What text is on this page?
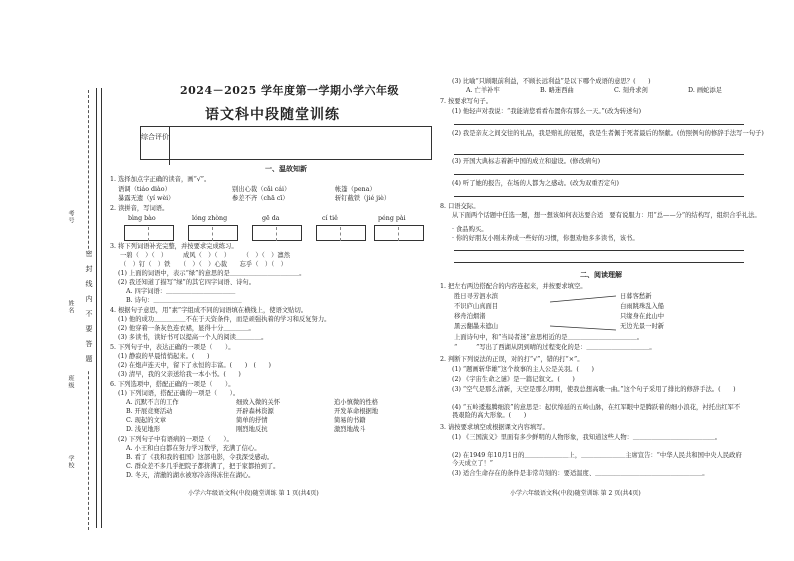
考号
姓名
班级
学校
密封线内不要答题
2024－2025 学年度第一学期小学六年级
语文科中段随堂训练
综合评价
一、温故知新
1. 选择加点字正确的读音，画“√”。
语调（tiáo diào）	别出心裁（cǎi cái）	帐篷（pena）
暴露无遗（yí wèi）	参差不齐（chā cī）	斩钉截铁（jié jiè）
2. 读拼音，写词语。
bìng bào	lóng zhòng	gē da	cí tiě	péng pài
3. 将下列词语补充完整，并按要求完成练习。
一碧（　）（　）　　　成风（　）（　）　　　（　）（　）凛然
（　）钉（　）铁　　（　）（　）心裁　　忘乎（　）（　）
(1) 上面的词语中，表示“绿”的意思的是＿＿＿＿＿＿＿＿＿＿＿。
(2) 我还知道了描写“绿”的其它四字词语、诗句。
A. 四字词语：＿＿＿＿＿＿＿＿＿＿＿
B. 诗句：＿＿＿＿＿＿＿＿＿＿＿＿＿＿
4. 根据句子意思，用“素”字组成不同的词语填在横线上，使语文贴切。
(1) 他的成功＿＿＿＿＿不在于天资条件，而是顽强执着的学习和反复努力。
(2) 他穿着一条灰色连衣裙，显得十分＿＿＿＿。
(3) 多读书，读好书可以提高一个人的阅读＿＿＿＿。
5. 下列句子中，表达正确的一项是（　　）。
(1) 静寂的早晨悄悄起来。(　　)
(2) 在炮声连天中，留下了永恒的丰富。(　　)　(　　)
(3) 清早，我的父亲送给我一本小书。(　　)
6. 下列选项中，搭配正确的一项是（　　）。
(1) 下列词语，搭配正确的一项是（　　）。
A. 沉默不言的工作	细致入微的关怀	追小慎微的性格
B. 开展竞赛活动	开辟森林资源	开发革命根据地
C. 现起的文章	简单的抒情	简易的书籍
D. 浅见地形	刚烈地反抗	激烈地战斗
(2) 下列句子中有语病的一项是（　　）。
A. 小王和白白都在努力学习数学，充满了信心。
B. 看了《我和我的祖国》这部电影，令我深受感动。
C. 群众差不多几乎把院子都挤满了，把于家都拍到了。
D. 冬天，清澈的湖水被寒冷冻得冻住在湖心。
小学六年级语文科(中段)随堂训练 第 1 页(共4页)
(3) 比喻“只顾眼前利益，不顾长远利益”是以下哪个成语的意思？(　　)
A. 亡羊补牢	B. 略迷西曲	C. 刻舟求剑	D. 画蛇添足
7. 按要求写句子。
(1) 他轻声对我说：“我能请您看看布置你有那么一天。”(改为转述句)
(2) 我是亲友之间交往的礼品，我是赔礼的冠冕，我是生者佩于死者最后的祭献。(仿照例句的修辞手法写一句子)
(3) 开国大典标志着新中国的成立和建设。(修改病句)
(4) 听了她的报告，在场的人都为之感动。(改为双重否定句)
8. 口语交际。
从下面两个话题中任选一题，想一想该如何表达要合适　要有说服力：用“总——分”的结构写，组织合乎礼法。
· 食品购买。
· 你的好朋友小刚未养成一些好的习惯，你想劝他多多读书，该书。
二、阅读理解
1. 把左右两边搭配合的内容连起来，并按要求填空。
胜日寻芳泗水滨
不识庐山真面目
移舟泊烟渚
黑云翻墨未遮山
日暮客愁新
白雨跳珠乱入船
只缘身在此山中
无边光景一时新
上面诗句中，和“当局者迷”意思相近的是＿＿＿＿＿＿＿＿＿＿＿。
“　　　”写出了西湖从阴到晴的过程变化的是：＿＿＿＿＿＿＿＿＿＿。
2. 判断下列说法的正误，对的打“√”，错的打“×”。
(1) “题画斩华雄”这个故事的主人公是关羽。(　　)
(2) 《宇宙生命之谜》是一篇记叙文。(　　)
(3) “空气是那么清新，天空是那么明明，使我总想高歌一曲。”这个句子采用了排比的修辞手法。(　　)
(4) “五岭逶迤腾细浪”的意思是：起伏绵延的五岭山脉，在红军眼中是腾跃着的细小浪花，衬托出红军不畏艰险的高大形象。(　　)
3. 请按要求填空或根据课文内容填写。
(1) 《三国演义》里面有多少鲜明的人物形象，我知道这些人物：＿＿＿＿＿＿＿＿＿＿＿＿＿。
(2) 在1949 年10月1日的＿＿＿＿＿＿＿上，＿＿＿＿＿＿＿主席宣告：“中华人民共和国中央人民政府今天成立了！”
(3) 适合生命存在的条件是非常苛刻的：要适温度、＿＿＿＿＿＿＿＿＿＿＿＿＿＿＿＿＿。
小学六年级语文科(中段)随堂训练 第 2 页(共4页)
